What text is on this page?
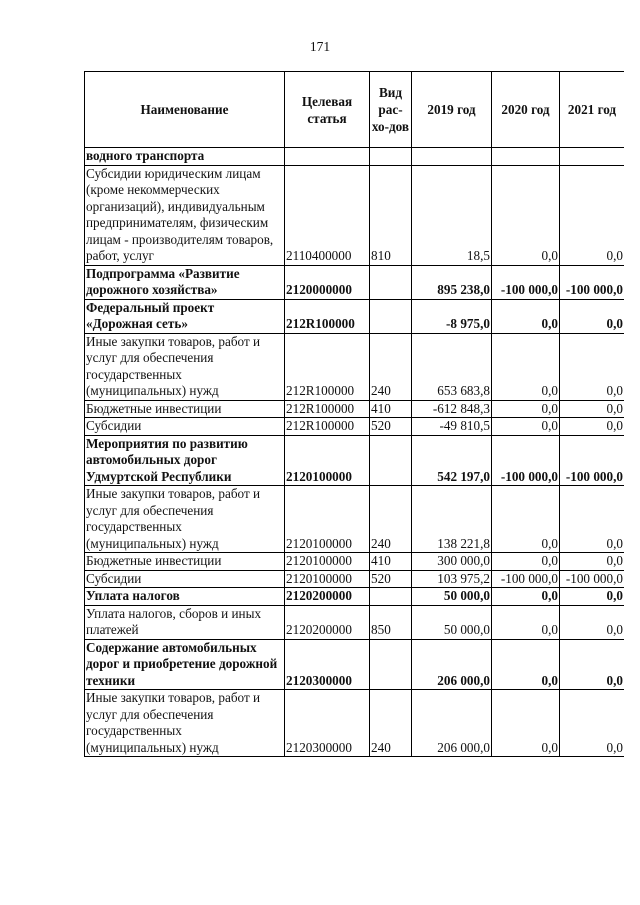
171
Наименование	Целевая статья	Вид рас-хо-дов	2019 год	2020 год	2021 год
водного транспорта					
Субсидии юридическим лицам (кроме некоммерческих организаций), индивидуальным предпринимателям, физическим лицам - производителям товаров, работ, услуг	2110400000	810	18,5	0,0	0,0
Подпрограмма «Развитие дорожного хозяйства»	2120000000		895 238,0	-100 000,0	-100 000,0
Федеральный проект «Дорожная сеть»	212R100000		-8 975,0	0,0	0,0
Иные закупки товаров, работ и услуг для обеспечения государственных (муниципальных) нужд	212R100000	240	653 683,8	0,0	0,0
Бюджетные инвестиции	212R100000	410	-612 848,3	0,0	0,0
Субсидии	212R100000	520	-49 810,5	0,0	0,0
Мероприятия по развитию автомобильных дорог Удмуртской Республики	2120100000		542 197,0	-100 000,0	-100 000,0
Иные закупки товаров, работ и услуг для обеспечения государственных (муниципальных) нужд	2120100000	240	138 221,8	0,0	0,0
Бюджетные инвестиции	2120100000	410	300 000,0	0,0	0,0
Субсидии	2120100000	520	103 975,2	-100 000,0	-100 000,0
Уплата налогов	2120200000		50 000,0	0,0	0,0
Уплата налогов, сборов и иных платежей	2120200000	850	50 000,0	0,0	0,0
Содержание автомобильных дорог и приобретение дорожной техники	2120300000		206 000,0	0,0	0,0
Иные закупки товаров, работ и услуг для обеспечения государственных (муниципальных) нужд	2120300000	240	206 000,0	0,0	0,0
